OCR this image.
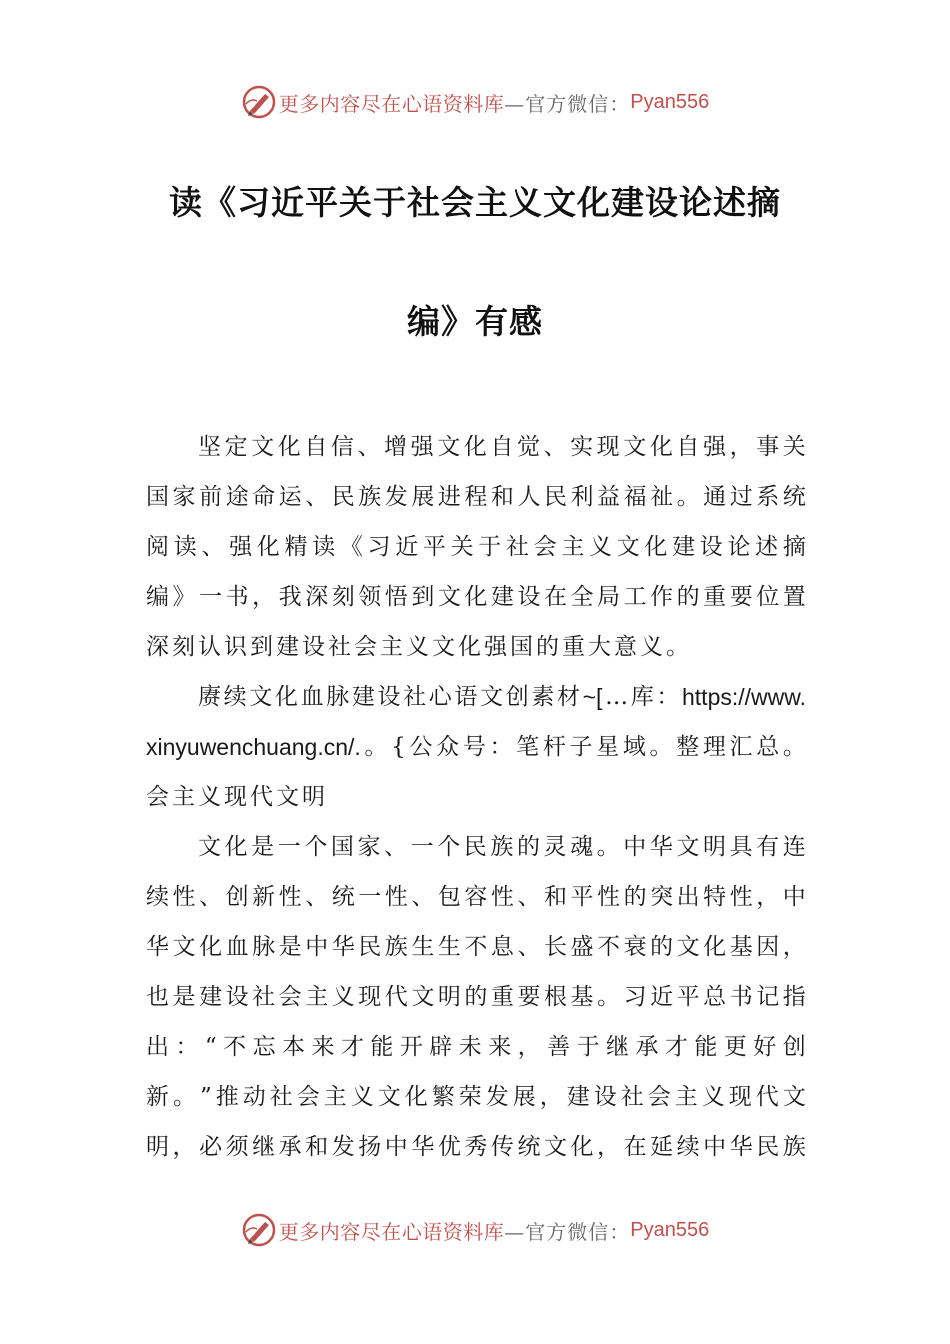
更多内容尽在心语资料库 —官方微信： Pyan556
读《习近平关于社会主义文化建设论述摘
编》有感
坚 定 文 化 自 信 、 增 强 文 化 自 觉 、 实 现 文 化 自 强 ， 事 关
国 家 前 途 命 运 、 民 族 发 展 进 程 和 人 民 利 益 福 祉 。 通 过 系 统
阅 读 、 强 化 精 读 《 习 近 平 关 于 社 会 主 义 文 化 建 设 论 述 摘
编 》 一 书 ， 我 深 刻 领 悟 到 文 化 建 设 在 全 局 工 作 的 重 要 位 置
深刻认识到建设社会主义文化强国的重大意义。
赓 续 文 化 血 脉 建 设 社 心 语 文 创 素 材 ~[ … 库 ： https://www.
xinyuwenchuang.cn/. 。 { 公 众 号 ： 笔 杆 子 星 域 。 整 理 汇 总 。
会主义现代文明
文 化 是 一 个 国 家 、 一 个 民 族 的 灵 魂 。 中 华 文 明 具 有 连
续 性 、 创 新 性 、 统 一 性 、 包 容 性 、 和 平 性 的 突 出 特 性 ， 中
华 文 化 血 脉 是 中 华 民 族 生 生 不 息 、 长 盛 不 衰 的 文 化 基 因 ，
也 是 建 设 社 会 主 义 现 代 文 明 的 重 要 根 基 。 习 近 平 总 书 记 指
出 ： “ 不 忘 本 来 才 能 开 辟 未 来 ， 善 于 继 承 才 能 更 好 创
新 。 ” 推 动 社 会 主 义 文 化 繁 荣 发 展 ， 建 设 社 会 主 义 现 代 文
明 ， 必 须 继 承 和 发 扬 中 华 优 秀 传 统 文 化 ， 在 延 续 中 华 民 族
更多内容尽在心语资料库 —官方微信： Pyan556
